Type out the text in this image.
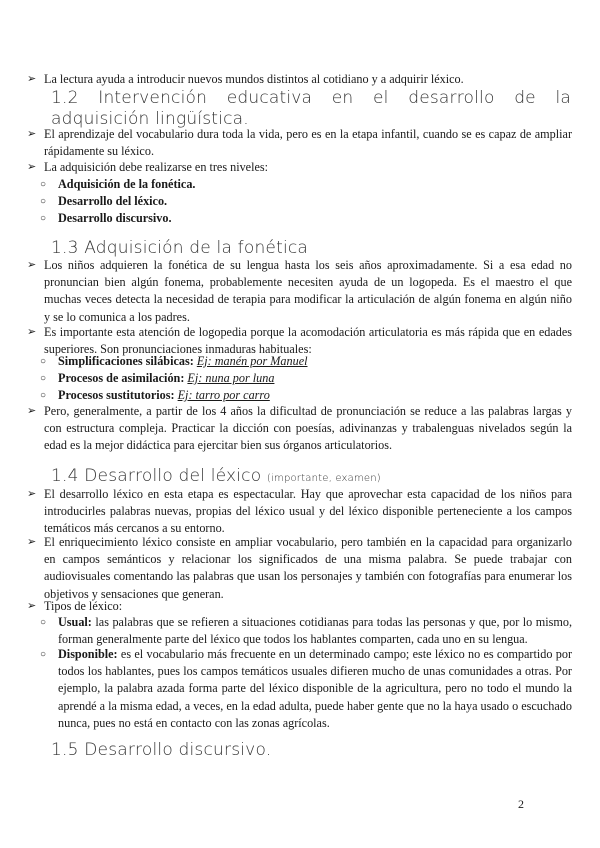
➢ La lectura ayuda a introducir nuevos mundos distintos al cotidiano y a adquirir léxico.
1.2 Intervención educativa en el desarrollo de la adquisición lingüística.
➢ El aprendizaje del vocabulario dura toda la vida, pero es en la etapa infantil, cuando se es capaz de ampliar rápidamente su léxico.
➢ La adquisición debe realizarse en tres niveles:
○ Adquisición de la fonética.
○ Desarrollo del léxico.
○ Desarrollo discursivo.
1.3 Adquisición de la fonética
➢ Los niños adquieren la fonética de su lengua hasta los seis años aproximadamente. Si a esa edad no pronuncian bien algún fonema, probablemente necesiten ayuda de un logopeda. Es el maestro el que muchas veces detecta la necesidad de terapia para modificar la articulación de algún fonema en algún niño y se lo comunica a los padres.
➢ Es importante esta atención de logopedia porque la acomodación articulatoria es más rápida que en edades superiores. Son pronunciaciones inmaduras habituales:
○ Simplificaciones silábicas: Ej: manén por Manuel
○ Procesos de asimilación: Ej: nuna por luna
○ Procesos sustitutorios: Ej: tarro por carro
➢ Pero, generalmente, a partir de los 4 años la dificultad de pronunciación se reduce a las palabras largas y con estructura compleja. Practicar la dicción con poesías, adivinanzas y trabalenguas nivelados según la edad es la mejor didáctica para ejercitar bien sus órganos articulatorios.
1.4 Desarrollo del léxico (importante, examen)
➢ El desarrollo léxico en esta etapa es espectacular. Hay que aprovechar esta capacidad de los niños para introducirles palabras nuevas, propias del léxico usual y del léxico disponible perteneciente a los campos temáticos más cercanos a su entorno.
➢ El enriquecimiento léxico consiste en ampliar vocabulario, pero también en la capacidad para organizarlo en campos semánticos y relacionar los significados de una misma palabra. Se puede trabajar con audiovisuales comentando las palabras que usan los personajes y también con fotografías para enumerar los objetivos y sensaciones que generan.
➢ Tipos de léxico:
○ Usual: las palabras que se refieren a situaciones cotidianas para todas las personas y que, por lo mismo, forman generalmente parte del léxico que todos los hablantes comparten, cada uno en su lengua.
○ Disponible: es el vocabulario más frecuente en un determinado campo; este léxico no es compartido por todos los hablantes, pues los campos temáticos usuales difieren mucho de unas comunidades a otras. Por ejemplo, la palabra azada forma parte del léxico disponible de la agricultura, pero no todo el mundo la aprendé a la misma edad, a veces, en la edad adulta, puede haber gente que no la haya usado o escuchado nunca, pues no está en contacto con las zonas agrícolas.
1.5 Desarrollo discursivo.
2
